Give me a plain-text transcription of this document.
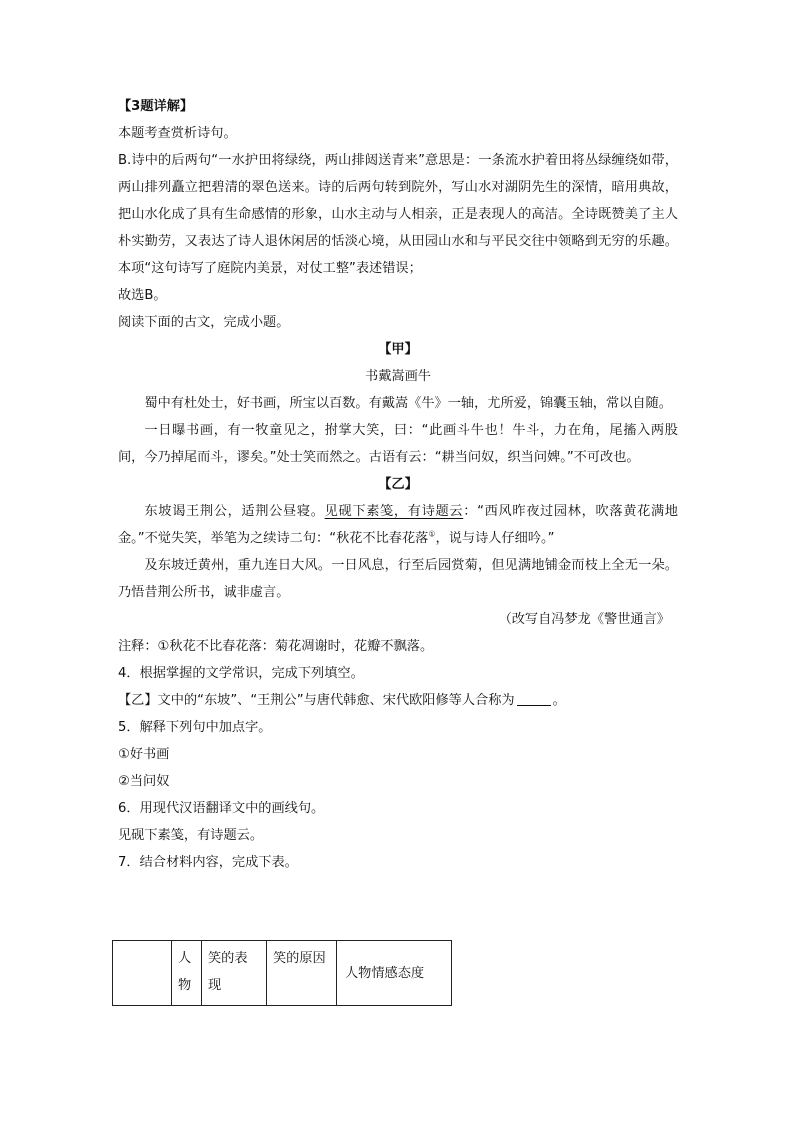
【3题详解】
本题考查赏析诗句。
B.诗中的后两句“一水护田将绿绕，两山排闼送青来”意思是：一条流水护着田将丛绿缠绕如带，两山排列矗立把碧清的翠色送来。诗的后两句转到院外，写山水对湖阴先生的深情，暗用典故，把山水化成了具有生命感情的形象，山水主动与人相亲，正是表现人的高洁。全诗既赞美了主人朴实勤劳，又表达了诗人退休闲居的恬淡心境，从田园山水和与平民交往中领略到无穷的乐趣。本项“这句诗写了庭院内美景，对仗工整”表述错误；
故选B。
阅读下面的古文，完成小题。
【甲】
书戴嵩画牛
蜀中有杜处士，好书画，所宝以百数。有戴嵩《牛》一轴，尤所爱，锦囊玉轴，常以自随。
一日曝书画，有一牧童见之，拊掌大笑，曰：“此画斗牛也！牛斗，力在角，尾搐入两股间，今乃掉尾而斗，谬矣。”处士笑而然之。古语有云：“耕当问奴，织当问婢。”不可改也。
【乙】
东坡谒王荆公，适荆公昼寝。见砚下素笺，有诗题云：“西风昨夜过园林，吹落黄花满地金。”不觉失笑，举笔为之续诗二句：“秋花不比春花落①，说与诗人仔细吟。”
及东坡迁黄州，重九连日大风。一日风息，行至后园赏菊，但见满地铺金而枝上全无一朵。乃悟昔荆公所书，诚非虚言。
（改写自冯梦龙《警世通言》
注释：①秋花不比春花落：菊花凋谢时，花瓣不飘落。
4．根据掌握的文学常识，完成下列填空。
【乙】文中的“东坡”、“王荆公”与唐代韩愈、宋代欧阳修等人合称为	。
5．解释下列句中加点字。
①好书画
②当问奴
6．用现代汉语翻译文中的画线句。
见砚下素笺，有诗题云。
7．结合材料内容，完成下表。
	人物	笑的表现	笑的原因	人物情感态度
